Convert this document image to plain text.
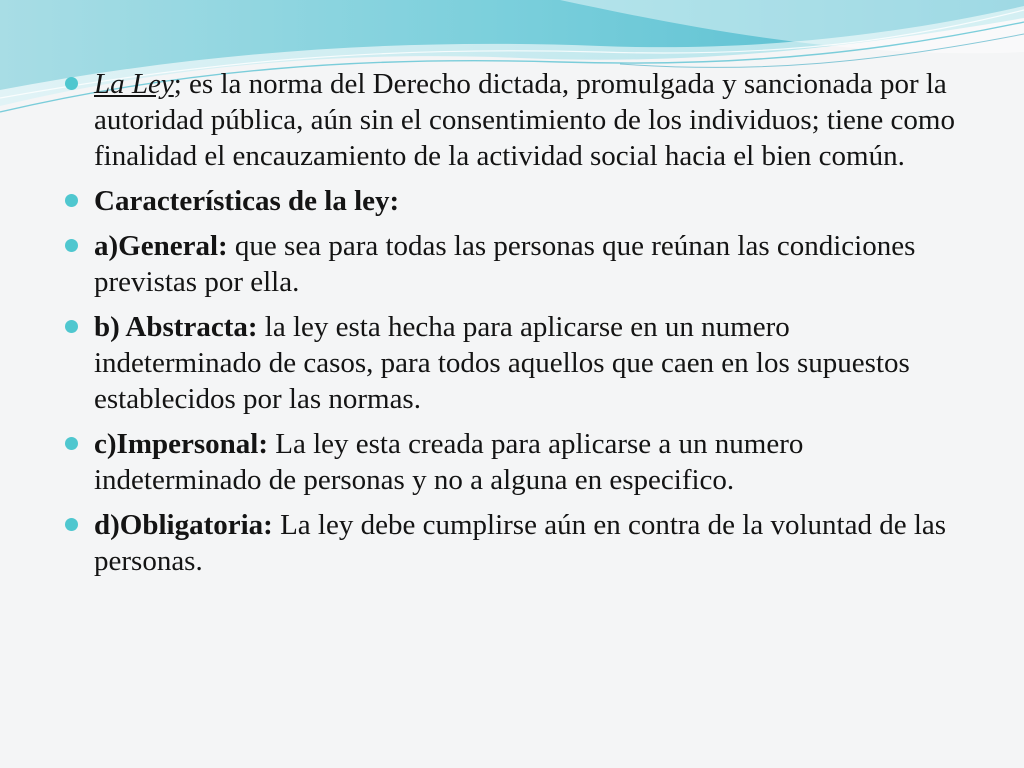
La Ley; es la norma del Derecho dictada, promulgada y sancionada por la autoridad pública, aún sin el consentimiento de los individuos; tiene como finalidad el encauzamiento de la actividad social hacia el bien común.
Características de la ley:
a)General: que sea para todas las personas que reúnan las condiciones previstas por ella.
b) Abstracta: la ley esta hecha para aplicarse en un numero indeterminado de casos, para todos aquellos que caen en los supuestos establecidos por las normas.
c)Impersonal: La ley esta creada para aplicarse a un numero indeterminado de personas y no a alguna en especifico.
d)Obligatoria: La ley debe cumplirse aún en contra de la voluntad de las personas.
